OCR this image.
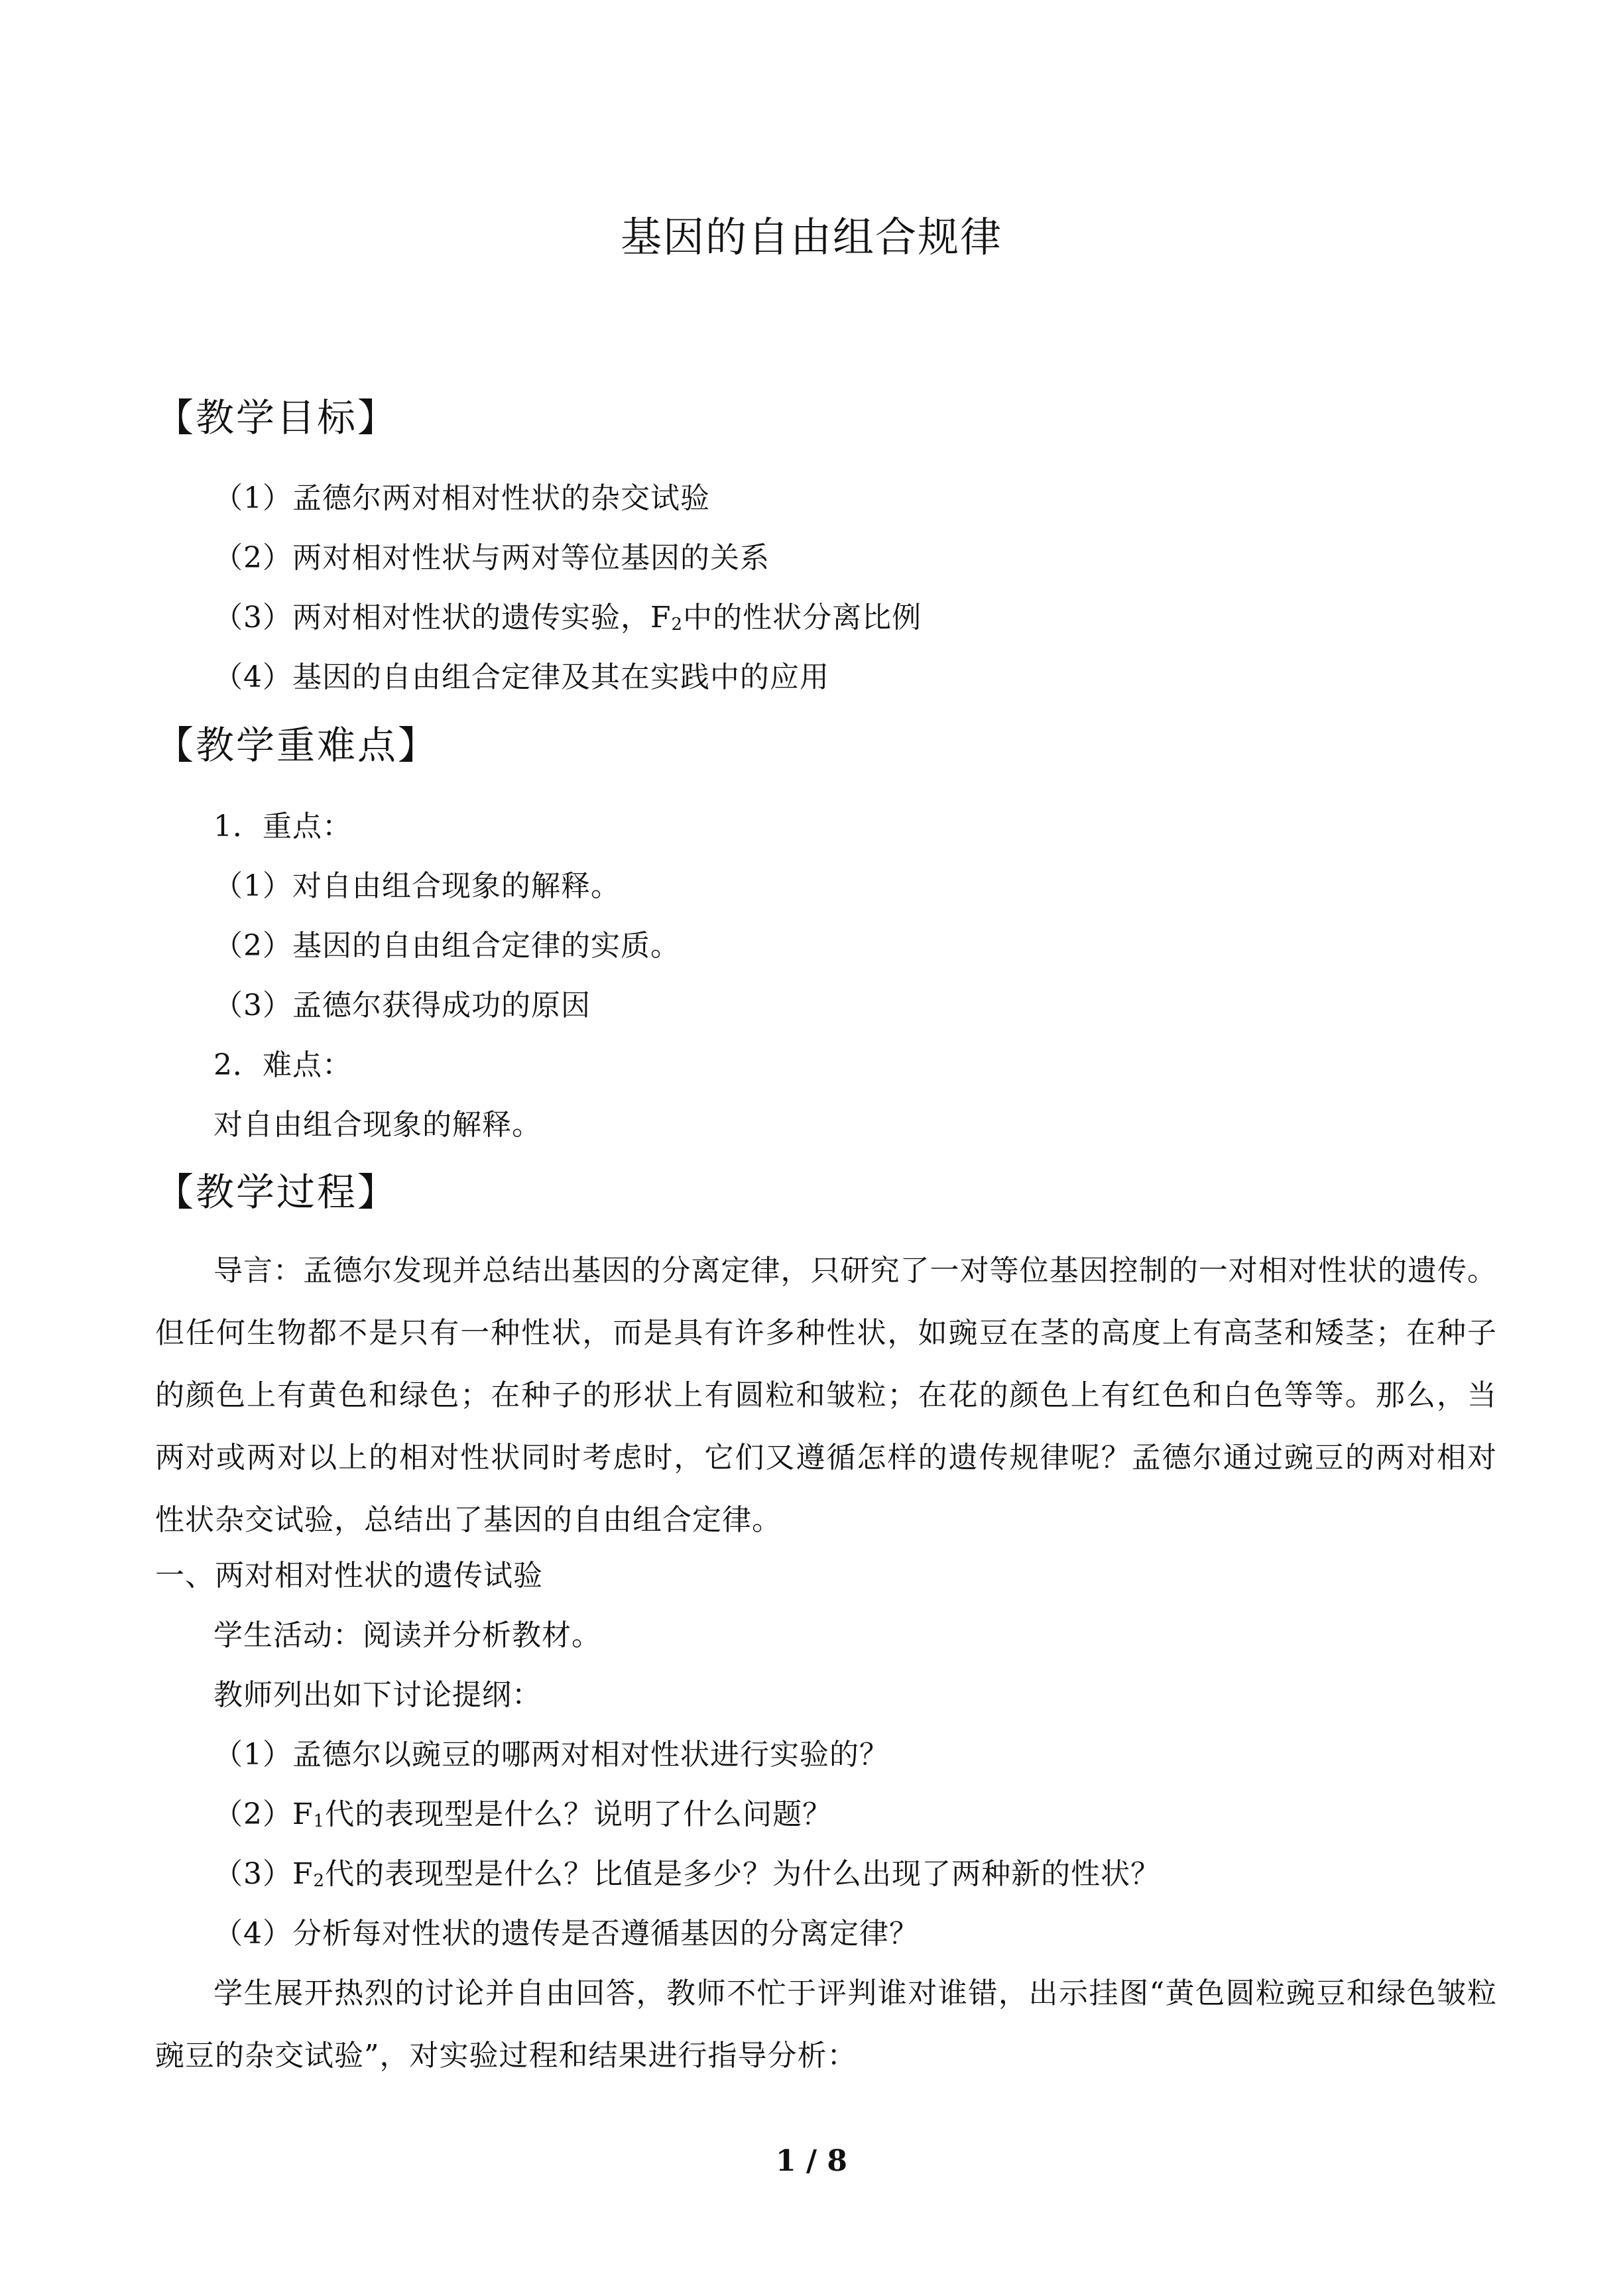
基因的自由组合规律
【教学目标】
（1）孟德尔两对相对性状的杂交试验
（2）两对相对性状与两对等位基因的关系
（3）两对相对性状的遗传实验，F2中的性状分离比例
（4）基因的自由组合定律及其在实践中的应用
【教学重难点】
1．重点：
（1）对自由组合现象的解释。
（2）基因的自由组合定律的实质。
（3）孟德尔获得成功的原因
2．难点：
对自由组合现象的解释。
【教学过程】
导言：孟德尔发现并总结出基因的分离定律，只研究了一对等位基因控制的一对相对性状的遗传。但任何生物都不是只有一种性状，而是具有许多种性状，如豌豆在茎的高度上有高茎和矮茎；在种子的颜色上有黄色和绿色；在种子的形状上有圆粒和皱粒；在花的颜色上有红色和白色等等。那么，当两对或两对以上的相对性状同时考虑时，它们又遵循怎样的遗传规律呢？孟德尔通过豌豆的两对相对性状杂交试验，总结出了基因的自由组合定律。
一、两对相对性状的遗传试验
学生活动：阅读并分析教材。
教师列出如下讨论提纲：
（1）孟德尔以豌豆的哪两对相对性状进行实验的？
（2）F1代的表现型是什么？说明了什么问题？
（3）F2代的表现型是什么？比值是多少？为什么出现了两种新的性状？
（4）分析每对性状的遗传是否遵循基因的分离定律？
学生展开热烈的讨论并自由回答，教师不忙于评判谁对谁错，出示挂图“黄色圆粒豌豆和绿色皱粒豌豆的杂交试验”，对实验过程和结果进行指导分析：
1 / 8
